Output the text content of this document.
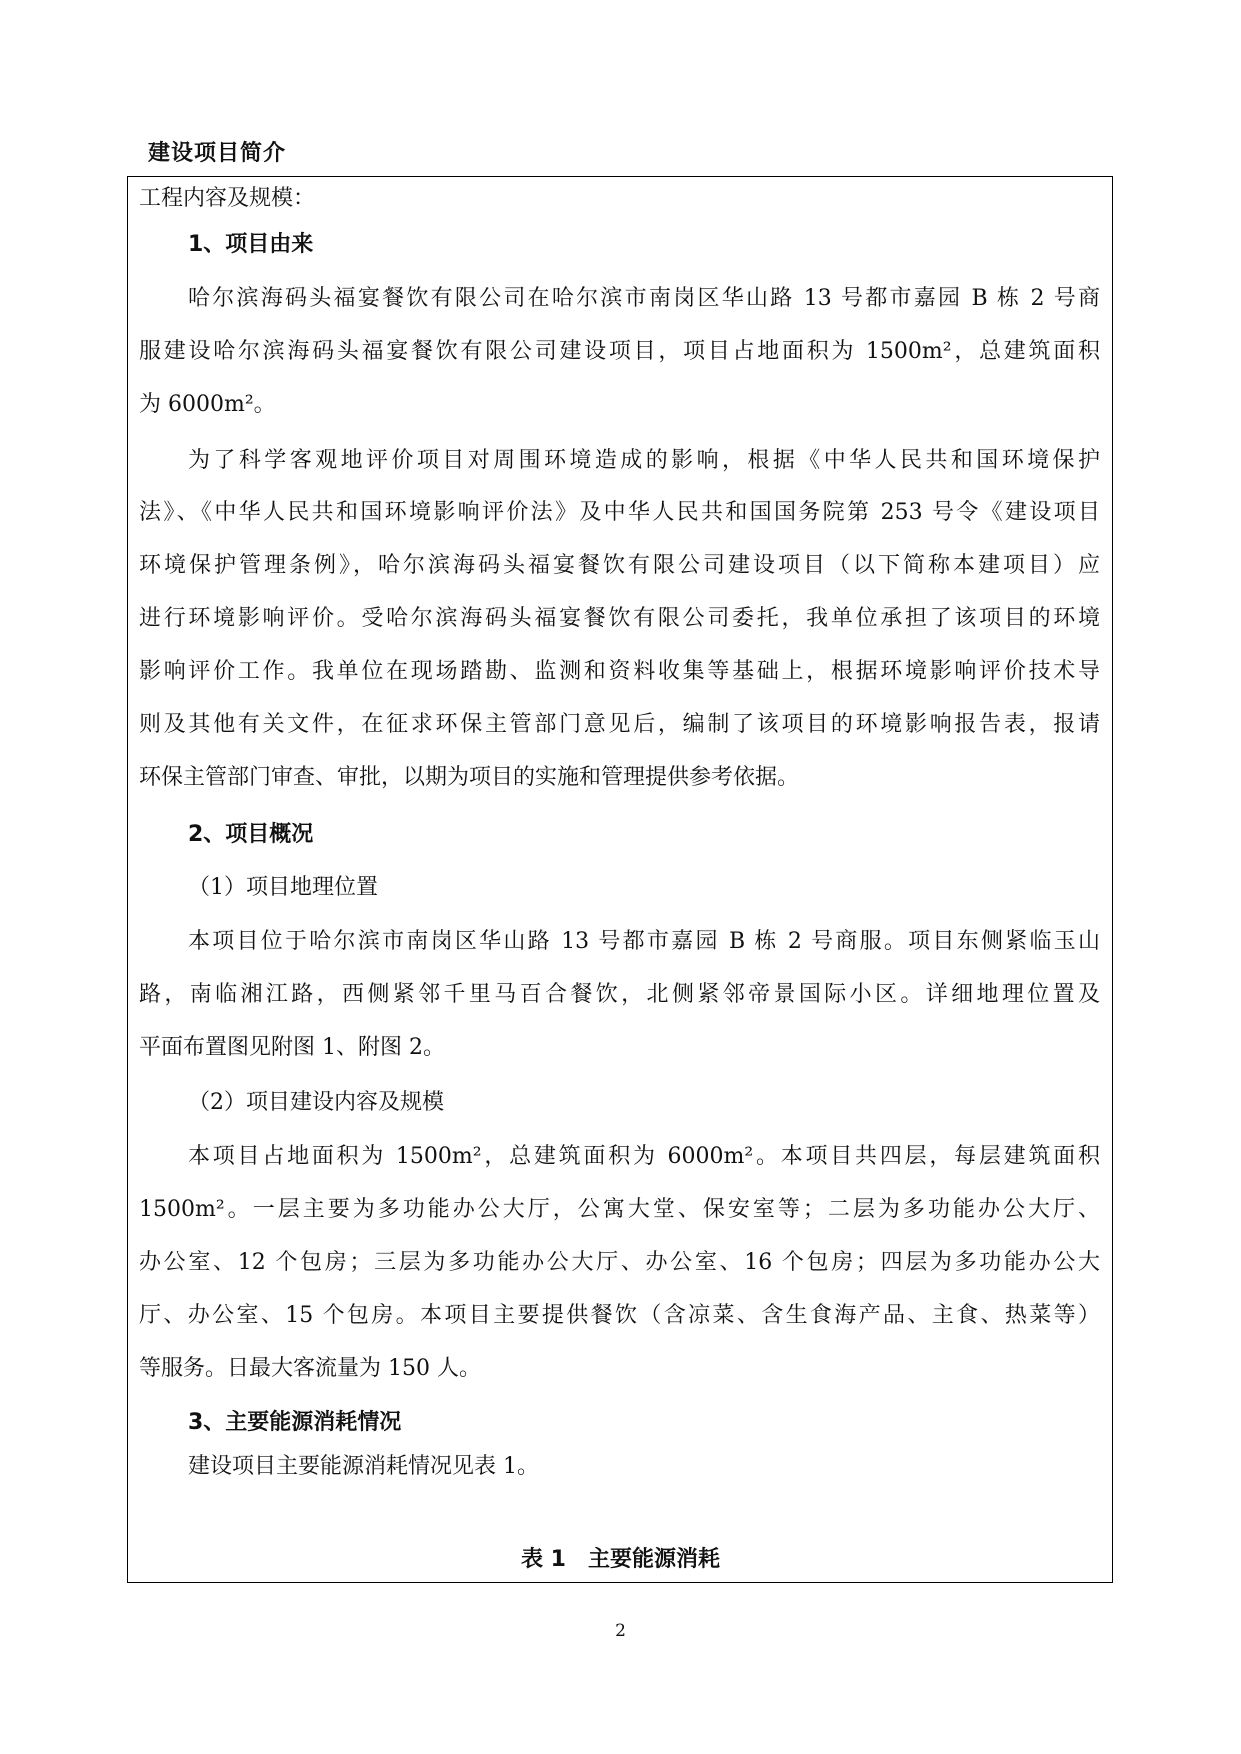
建设项目简介
工程内容及规模：
1、项目由来
哈尔滨海码头福宴餐饮有限公司在哈尔滨市南岗区华山路 13 号都市嘉园 B 栋 2 号商
服建设哈尔滨海码头福宴餐饮有限公司建设项目，项目占地面积为 1500m²，总建筑面积
为 6000m²。
为了科学客观地评价项目对周围环境造成的影响，根据《中华人民共和国环境保护
法》、《中华人民共和国环境影响评价法》及中华人民共和国国务院第 253 号令《建设项目
环境保护管理条例》，哈尔滨海码头福宴餐饮有限公司建设项目（以下简称本建项目）应
进行环境影响评价。受哈尔滨海码头福宴餐饮有限公司委托，我单位承担了该项目的环境
影响评价工作。我单位在现场踏勘、监测和资料收集等基础上，根据环境影响评价技术导
则及其他有关文件，在征求环保主管部门意见后，编制了该项目的环境影响报告表，报请
环保主管部门审查、审批，以期为项目的实施和管理提供参考依据。
2、项目概况
（1）项目地理位置
本项目位于哈尔滨市南岗区华山路 13 号都市嘉园 B 栋 2 号商服。项目东侧紧临玉山
路，南临湘江路，西侧紧邻千里马百合餐饮，北侧紧邻帝景国际小区。详细地理位置及
平面布置图见附图 1、附图 2。
（2）项目建设内容及规模
本项目占地面积为 1500m²，总建筑面积为 6000m²。本项目共四层，每层建筑面积
1500m²。一层主要为多功能办公大厅，公寓大堂、保安室等；二层为多功能办公大厅、
办公室、12 个包房；三层为多功能办公大厅、办公室、16 个包房；四层为多功能办公大
厅、办公室、15 个包房。本项目主要提供餐饮（含凉菜、含生食海产品、主食、热菜等）
等服务。日最大客流量为 150 人。
3、主要能源消耗情况
建设项目主要能源消耗情况见表 1。
表 1　主要能源消耗
2
